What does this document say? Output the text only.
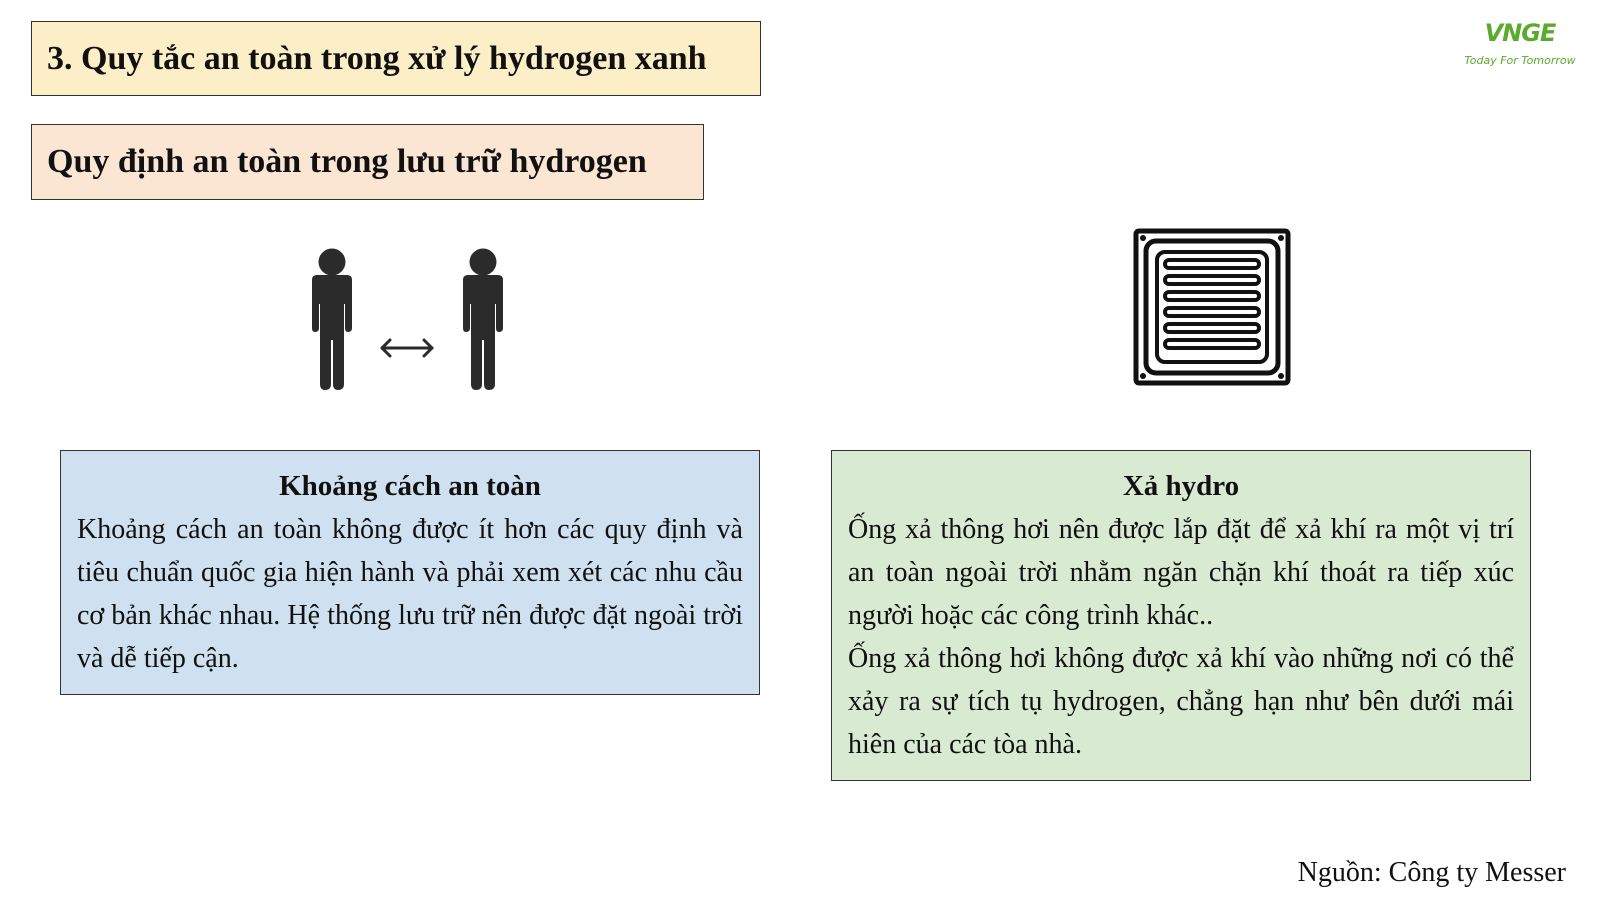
3. Quy tắc an toàn trong xử lý hydrogen xanh
Quy định an toàn trong lưu trữ hydrogen
VNGE
Today For Tomorrow
Khoảng cách an toàn

Khoảng cách an toàn không được ít hơn các quy định và tiêu chuẩn quốc gia hiện hành và phải xem xét các nhu cầu cơ bản khác nhau. Hệ thống lưu trữ nên được đặt ngoài trời và dễ tiếp cận.

Xả hydro

Ống xả thông hơi nên được lắp đặt để xả khí ra một vị trí an toàn ngoài trời nhằm ngăn chặn khí thoát ra tiếp xúc người hoặc các công trình khác..

Ống xả thông hơi không được xả khí vào những nơi có thể xảy ra sự tích tụ hydrogen, chẳng hạn như bên dưới mái hiên của các tòa nhà.

Nguồn: Công ty Messer
